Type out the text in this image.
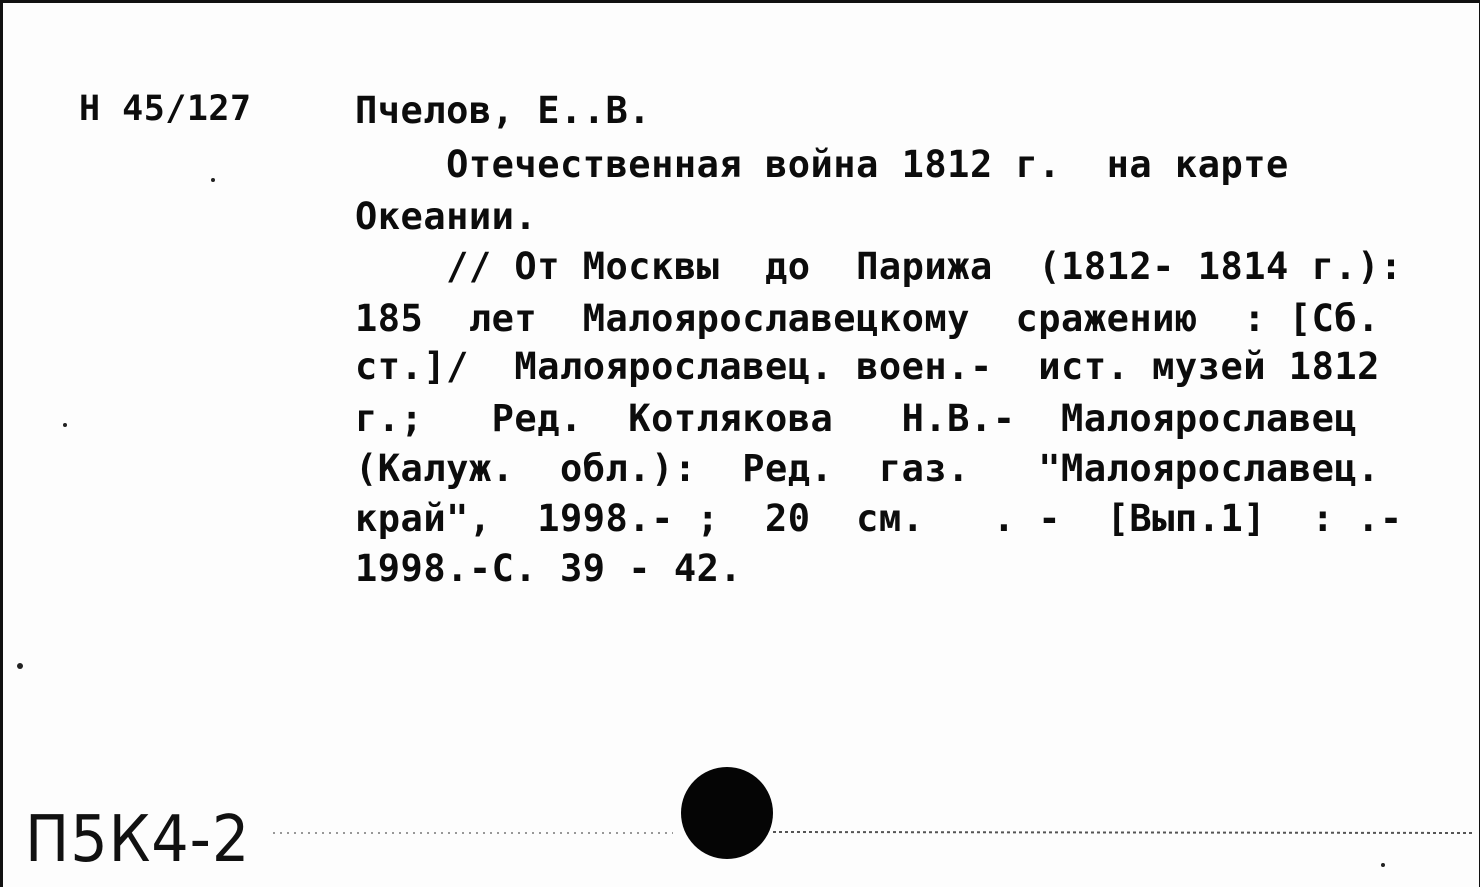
Н 45/127	Пчелов, Е..В.
Отечественная война 1812 г.  на карте
Океании.
// От Москвы  до  Парижа  (1812- 1814 г.):
185  лет  Малоярославецкому  сражению  : [Сб.
ст.]/  Малоярославец. воен.-  ист. музей 1812
г.;   Ред.  Котлякова   Н.В.-  Малоярославец
(Калуж.  обл.):  Ред.  газ.   "Малоярославец.
край",  1998.- ;  20  см.   . -  [Вып.1]  : .-
1998.-С. 39 - 42.
П5К4-2
